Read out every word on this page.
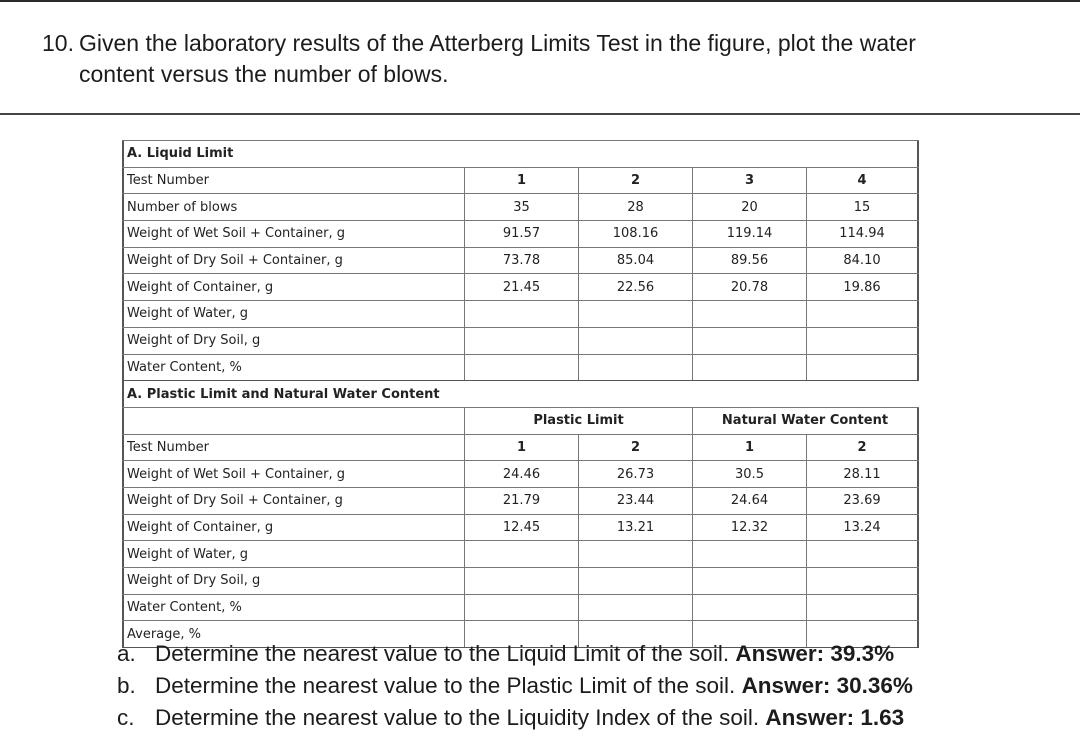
10. Given the laboratory results of the Atterberg Limits Test in the figure, plot the water
content versus the number of blows.
A. Liquid Limit
Test Number	1	2	3	4
Number of blows	35	28	20	15
Weight of Wet Soil + Container, g	91.57	108.16	119.14	114.94
Weight of Dry Soil + Container, g	73.78	85.04	89.56	84.10
Weight of Container, g	21.45	22.56	20.78	19.86
Weight of Water, g
Weight of Dry Soil, g
Water Content, %
A. Plastic Limit and Natural Water Content
Plastic Limit	Natural Water Content
Test Number	1	2	1	2
Weight of Wet Soil + Container, g	24.46	26.73	30.5	28.11
Weight of Dry Soil + Container, g	21.79	23.44	24.64	23.69
Weight of Container, g	12.45	13.21	12.32	13.24
Weight of Water, g
Weight of Dry Soil, g
Water Content, %
Average, %
a. Determine the nearest value to the Liquid Limit of the soil. Answer: 39.3%
b. Determine the nearest value to the Plastic Limit of the soil. Answer: 30.36%
c. Determine the nearest value to the Liquidity Index of the soil. Answer: 1.63
